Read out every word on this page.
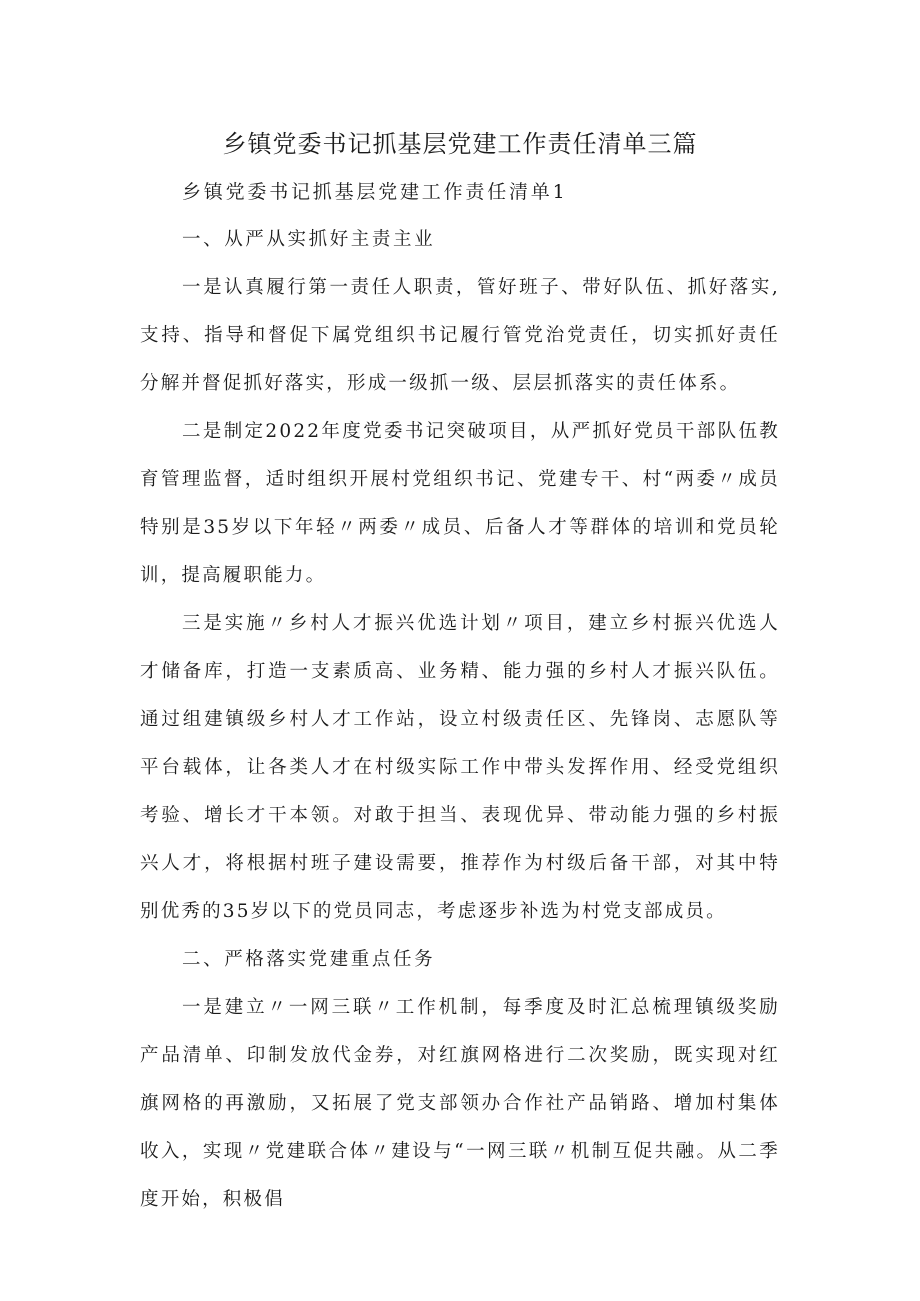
乡镇党委书记抓基层党建工作责任清单三篇

乡镇党委书记抓基层党建工作责任清单1

一、从严从实抓好主责主业

一是认真履行第一责任人职责，管好班子、带好队伍、抓好落实,支持、指导和督促下属党组织书记履行管党治党责任，切实抓好责任分解并督促抓好落实，形成一级抓一级、层层抓落实的责任体系。

二是制定2022年度党委书记突破项目，从严抓好党员干部队伍教育管理监督，适时组织开展村党组织书记、党建专干、村“两委〃成员特别是35岁以下年轻〃两委〃成员、后备人才等群体的培训和党员轮训，提高履职能力。

三是实施〃乡村人才振兴优选计划〃项目，建立乡村振兴优选人才储备库，打造一支素质高、业务精、能力强的乡村人才振兴队伍。通过组建镇级乡村人才工作站，设立村级责任区、先锋岗、志愿队等平台载体，让各类人才在村级实际工作中带头发挥作用、经受党组织考验、增长才干本领。对敢于担当、表现优异、带动能力强的乡村振兴人才，将根据村班子建设需要，推荐作为村级后备干部，对其中特别优秀的35岁以下的党员同志，考虑逐步补选为村党支部成员。

二、严格落实党建重点任务

一是建立〃一网三联〃工作机制，每季度及时汇总梳理镇级奖励产品清单、印制发放代金券，对红旗网格进行二次奖励，既实现对红旗网格的再激励，又拓展了党支部领办合作社产品销路、增加村集体收入，实现〃党建联合体〃建设与“一网三联〃机制互促共融。从二季度开始，积极倡
